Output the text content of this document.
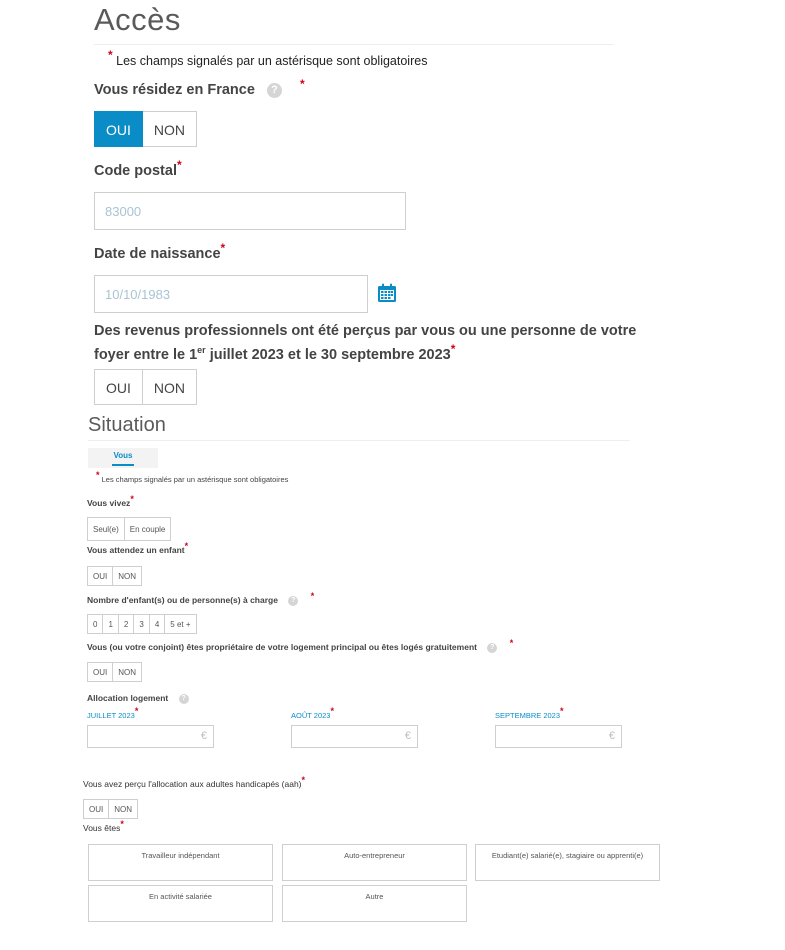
Accès
* Les champs signalés par un astérisque sont obligatoires
Vous résidez en France ? *
OUI	NON
Code postal*
83000
Date de naissance*
10/10/1983
Des revenus professionnels ont été perçus par vous ou une personne de votre foyer entre le 1er juillet 2023 et le 30 septembre 2023*
OUI	NON
Situation
Vous
* Les champs signalés par un astérisque sont obligatoires
Vous vivez*
Seul(e)	En couple
Vous attendez un enfant*
OUI	NON
Nombre d'enfant(s) ou de personne(s) à charge ? *
0	1	2	3	4	5 et +
Vous (ou votre conjoint) êtes propriétaire de votre logement principal ou êtes logés gratuitement ? *
OUI	NON
Allocation logement ?
JUILLET 2023*
€
AOÛT 2023*
€
SEPTEMBRE 2023*
€
Vous avez perçu l'allocation aux adultes handicapés (aah)*
OUI	NON
Vous êtes*
Travailleur indépendant	Auto-entrepreneur	Etudiant(e) salarié(e), stagiaire ou apprenti(e)
En activité salariée	Autre
